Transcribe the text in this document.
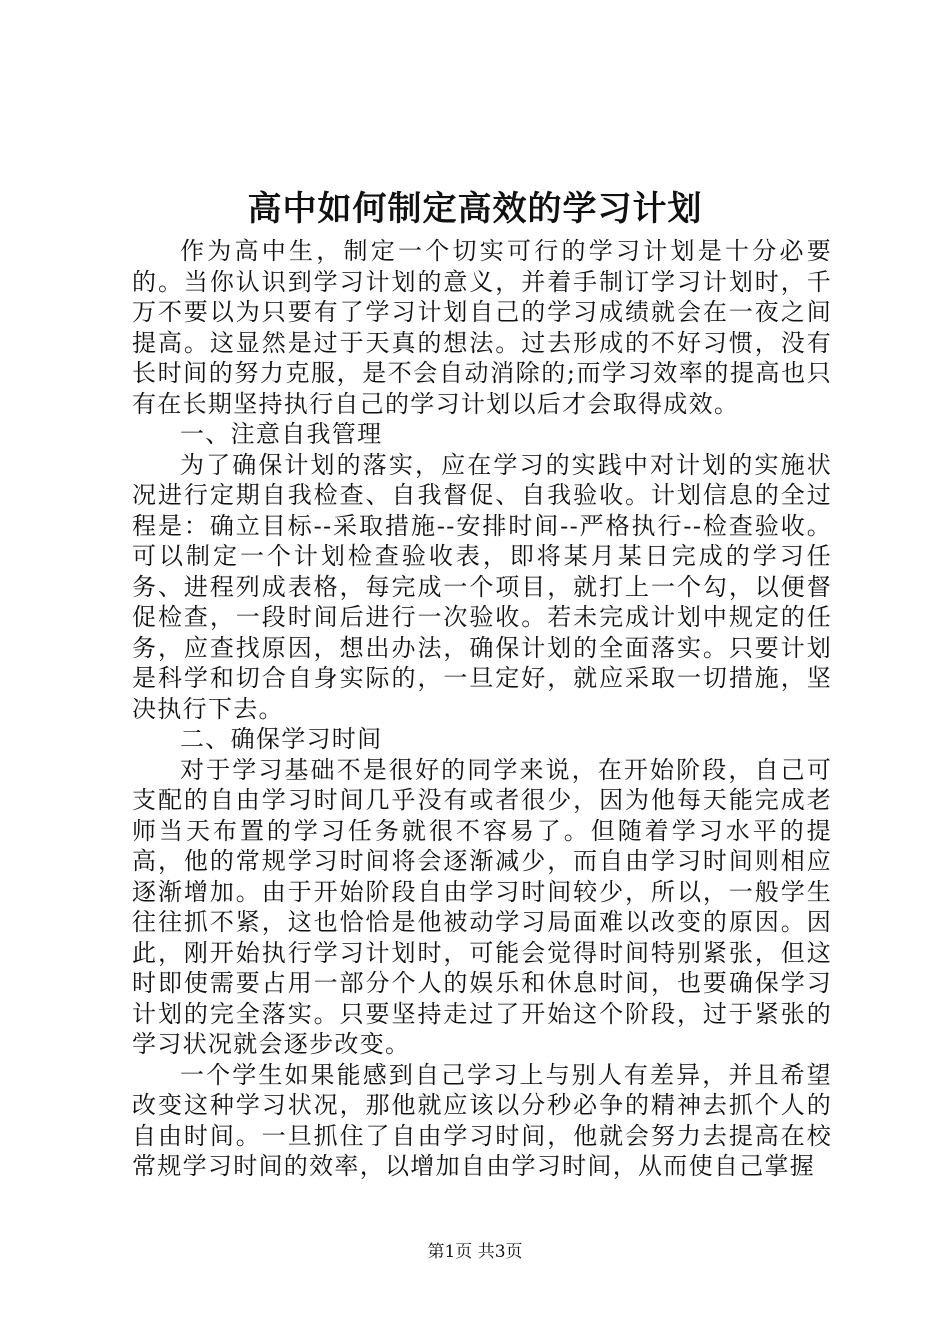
高中如何制定高效的学习计划

作为高中生，制定一个切实可行的学习计划是十分必要的。当你认识到学习计划的意义，并着手制订学习计划时，千万不要以为只要有了学习计划自己的学习成绩就会在一夜之间提高。这显然是过于天真的想法。过去形成的不好习惯，没有长时间的努力克服，是不会自动消除的;而学习效率的提高也只有在长期坚持执行自己的学习计划以后才会取得成效。

一、注意自我管理

为了确保计划的落实，应在学习的实践中对计划的实施状况进行定期自我检查、自我督促、自我验收。计划信息的全过程是：确立目标--采取措施--安排时间--严格执行--检查验收。可以制定一个计划检查验收表，即将某月某日完成的学习任务、进程列成表格，每完成一个项目，就打上一个勾，以便督促检查，一段时间后进行一次验收。若未完成计划中规定的任务，应查找原因，想出办法，确保计划的全面落实。只要计划是科学和切合自身实际的，一旦定好，就应采取一切措施，坚决执行下去。

二、确保学习时间

对于学习基础不是很好的同学来说，在开始阶段，自己可支配的自由学习时间几乎没有或者很少，因为他每天能完成老师当天布置的学习任务就很不容易了。但随着学习水平的提高，他的常规学习时间将会逐渐减少，而自由学习时间则相应逐渐增加。由于开始阶段自由学习时间较少，所以，一般学生往往抓不紧，这也恰恰是他被动学习局面难以改变的原因。因此，刚开始执行学习计划时，可能会觉得时间特别紧张，但这时即使需要占用一部分个人的娱乐和休息时间，也要确保学习计划的完全落实。只要坚持走过了开始这个阶段，过于紧张的学习状况就会逐步改变。

一个学生如果能感到自己学习上与别人有差异，并且希望改变这种学习状况，那他就应该以分秒必争的精神去抓个人的自由时间。一旦抓住了自由学习时间，他就会努力去提高在校常规学习时间的效率，以增加自由学习时间，从而使自己掌握

第1页 共3页
